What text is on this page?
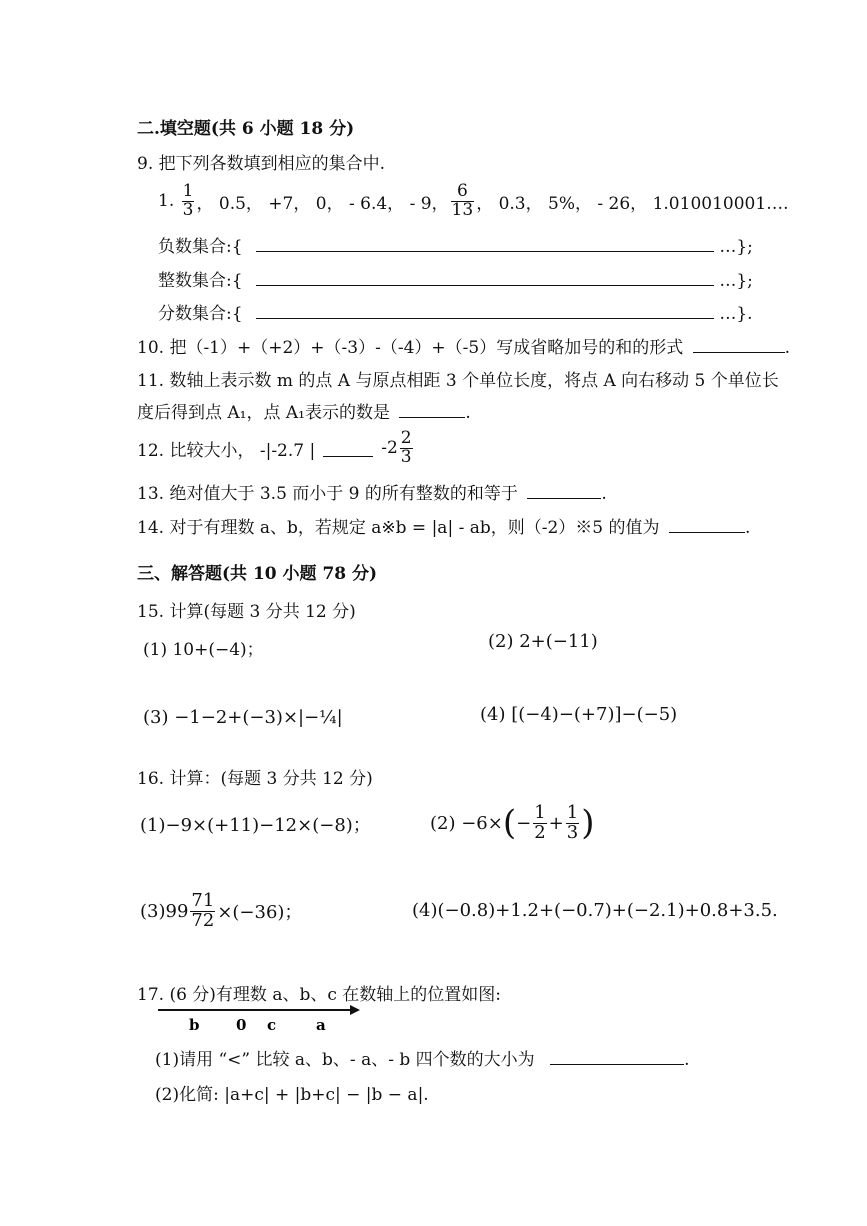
二.填空题(共 6 小题 18 分)
9. 把下列各数填到相应的集合中.
1.
$\frac{1}{3}$ ， 0.5， +7， 0， - 6.4， - 9， $\frac{6}{13}$ ， 0.3， 5%， - 26， 1.010010001….
负数集合:{	…};
整数集合:{	…};
分数集合:{	…}.
10. 把（-1）+（+2）+（-3）-（-4）+（-5）写成省略加号的和的形式	.
11. 数轴上表示数 m 的点 A 与原点相距 3 个单位长度，将点 A 向右移动 5 个单位长
度后得到点 A₁，点 A₁表示的数是	.
12. 比较大小， -|-2.7 |	$-2 \frac{2}{3}$
13. 绝对值大于 3.5 而小于 9 的所有整数的和等于	.
14. 对于有理数 a、b，若规定 a※b = |a| - ab，则（-2）※5 的值为	.
三、解答题(共 10 小题 78 分)
15. 计算(每题 3 分共 12 分)
(1) 10+(−4)；	(2) 2+(−11)
(3) −1−2+(−3)×|−¼|	(4) [(−4)−(+7)]−(−5)
16. 计算：(每题 3 分共 12 分)
(1)−9×(+11)−12×(−8)；	(2) −6× ( − $\frac{1}{2} + \frac{1}{3}$ )
$(3)99 \frac{71}{72} \times(-36)$；	(4)(−0.8)+1.2+(−0.7)+(−2.1)+0.8+3.5.
17. (6 分)有理数 a、b、c 在数轴上的位置如图:
b 0 c	a
(1)请用 “<” 比较 a、b、- a、- b 四个数的大小为	.
(2)化简: |a+c| + |b+c| − |b − a|.
